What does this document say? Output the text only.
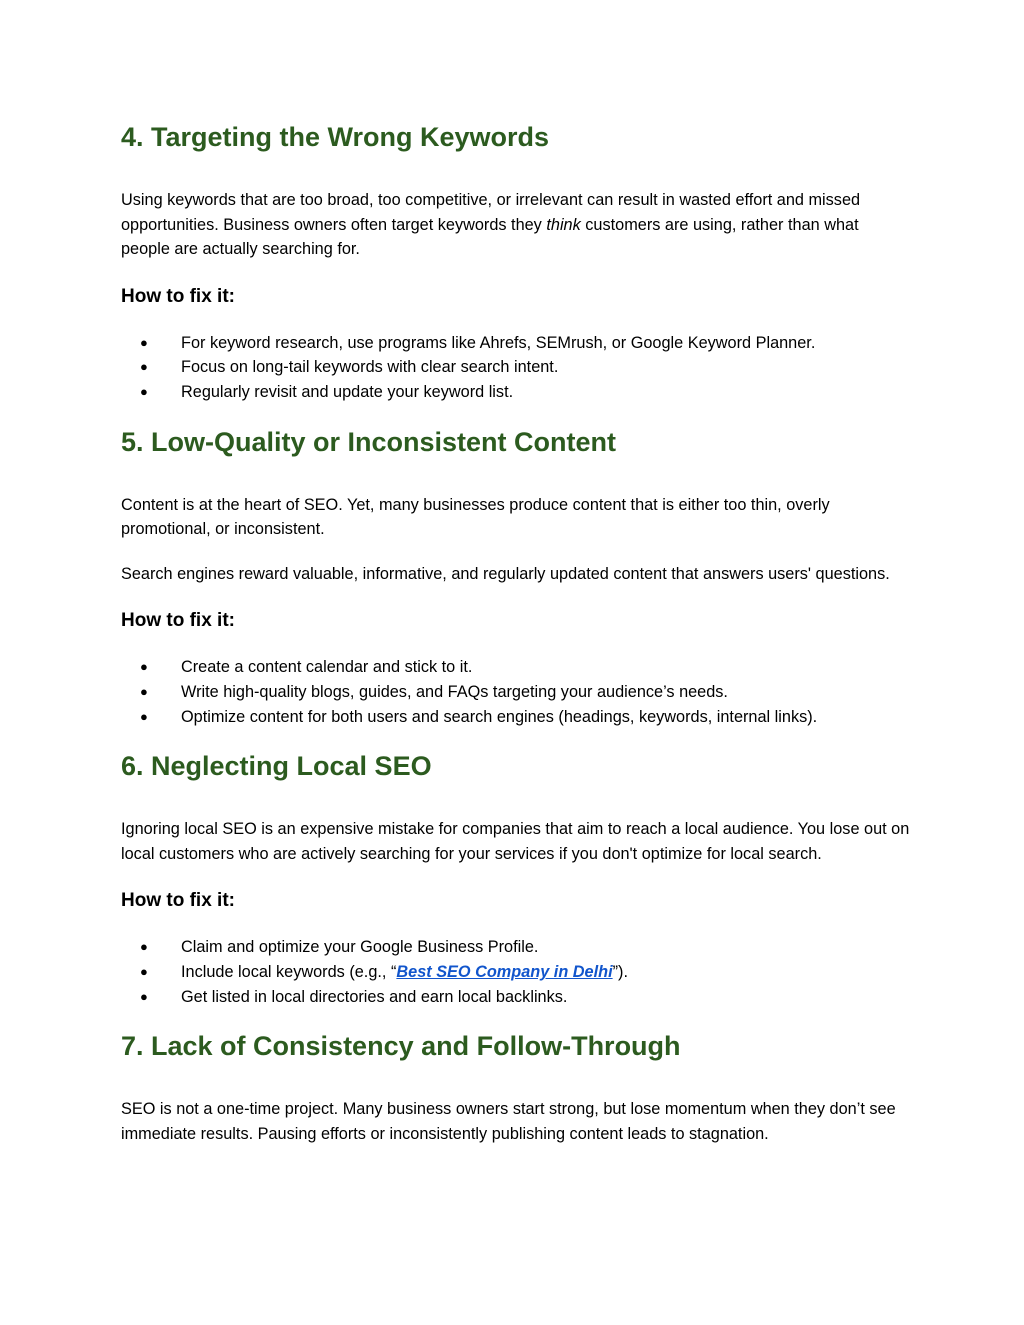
4. Targeting the Wrong Keywords

Using keywords that are too broad, too competitive, or irrelevant can result in wasted effort and missed opportunities. Business owners often target keywords they think customers are using, rather than what people are actually searching for.

How to fix it:
● For keyword research, use programs like Ahrefs, SEMrush, or Google Keyword Planner.
● Focus on long-tail keywords with clear search intent.
● Regularly revisit and update your keyword list.
5. Low-Quality or Inconsistent Content

Content is at the heart of SEO. Yet, many businesses produce content that is either too thin, overly promotional, or inconsistent.

Search engines reward valuable, informative, and regularly updated content that answers users' questions.

How to fix it:
● Create a content calendar and stick to it.
● Write high-quality blogs, guides, and FAQs targeting your audience’s needs.
● Optimize content for both users and search engines (headings, keywords, internal links).
6. Neglecting Local SEO

Ignoring local SEO is an expensive mistake for companies that aim to reach a local audience. You lose out on local customers who are actively searching for your services if you don't optimize for local search.

How to fix it:
● Claim and optimize your Google Business Profile.
● Include local keywords (e.g., “Best SEO Company in Delhi”).
● Get listed in local directories and earn local backlinks.
7. Lack of Consistency and Follow-Through

SEO is not a one-time project. Many business owners start strong, but lose momentum when they don’t see immediate results. Pausing efforts or inconsistently publishing content leads to stagnation.
